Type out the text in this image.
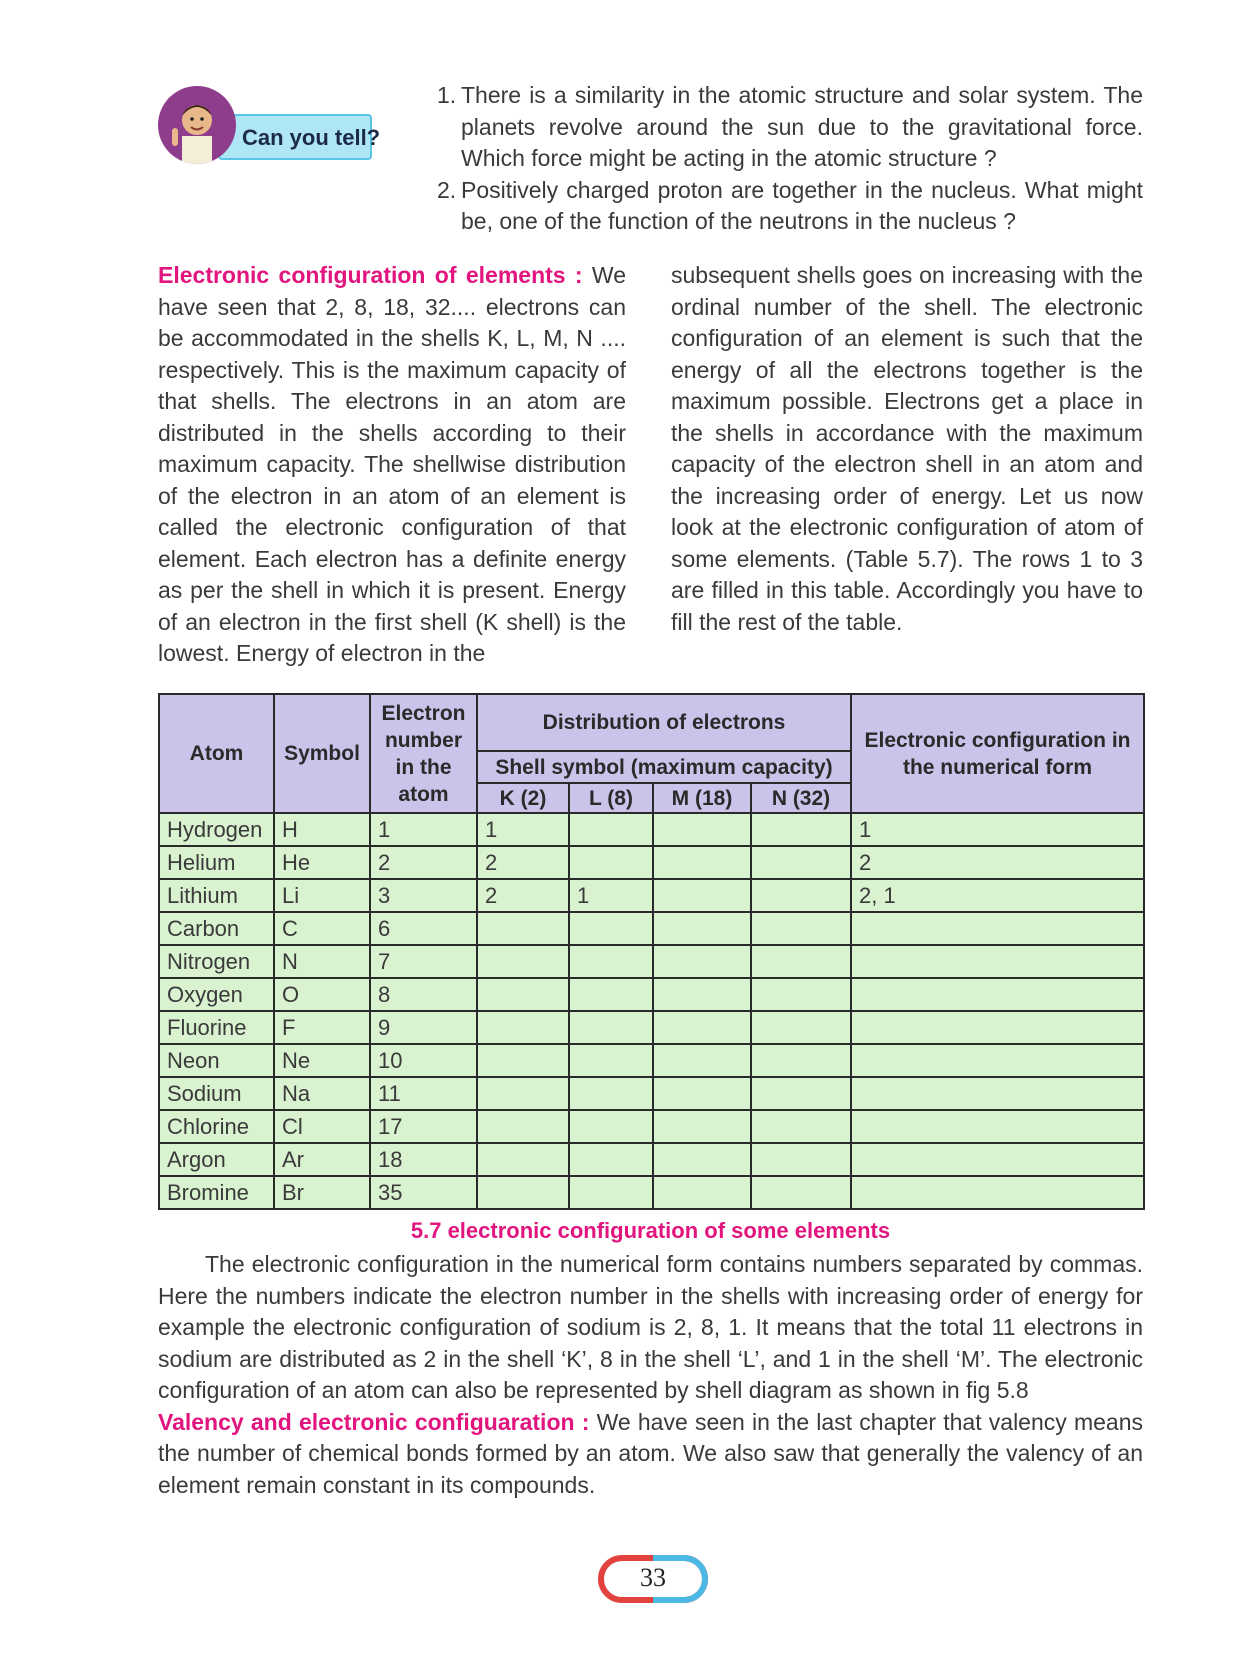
Can you tell?
1. There is a similarity in the atomic structure and solar system. The planets revolve around the sun due to the gravitational force. Which force might be acting in the atomic structure ?
2. Positively charged proton are together in the nucleus. What might be, one of the function of the neutrons in the nucleus ?
Electronic configuration of elements : We have seen that 2, 8, 18, 32.... electrons can be accommodated in the shells K, L, M, N .... respectively. This is the maximum capacity of that shells. The electrons in an atom are distributed in the shells according to their maximum capacity. The shellwise distribution of the electron in an atom of an element is called the electronic configuration of that element. Each electron has a definite energy as per the shell in which it is present. Energy of an electron in the first shell (K shell) is the lowest. Energy of electron in the
subsequent shells goes on increasing with the ordinal number of the shell. The electronic configuration of an element is such that the energy of all the electrons together is the maximum possible. Electrons get a place in the shells in accordance with the maximum capacity of the electron shell in an atom and the increasing order of energy. Let us now look at the electronic configuration of atom of some elements. (Table 5.7). The rows 1 to 3 are filled in this table. Accordingly you have to fill the rest of the table.
Atom	Symbol	Electron number in the atom	Distribution of electrons				Electronic configuration in the numerical form
			Shell symbol (maximum capacity)				
			K (2)	L (8)	M (18)	N (32)	
Hydrogen	H	1	1				1
Helium	He	2	2				2
Lithium	Li	3	2	1			2, 1
Carbon	C	6					
Nitrogen	N	7					
Oxygen	O	8					
Fluorine	F	9					
Neon	Ne	10					
Sodium	Na	11					
Chlorine	Cl	17					
Argon	Ar	18					
Bromine	Br	35					
5.7 electronic configuration of some elements

The electronic configuration in the numerical form contains numbers separated by commas. Here the numbers indicate the electron number in the shells with increasing order of energy for example the electronic configuration of sodium is 2, 8, 1. It means that the total 11 electrons in sodium are distributed as 2 in the shell ‘K’, 8 in the shell ‘L’, and 1 in the shell ‘M’. The electronic configuration of an atom can also be represented by shell diagram as shown in fig 5.8

Valency and electronic configuaration : We have seen in the last chapter that valency means the number of chemical bonds formed by an atom. We also saw that generally the valency of an element remain constant in its compounds.

33
